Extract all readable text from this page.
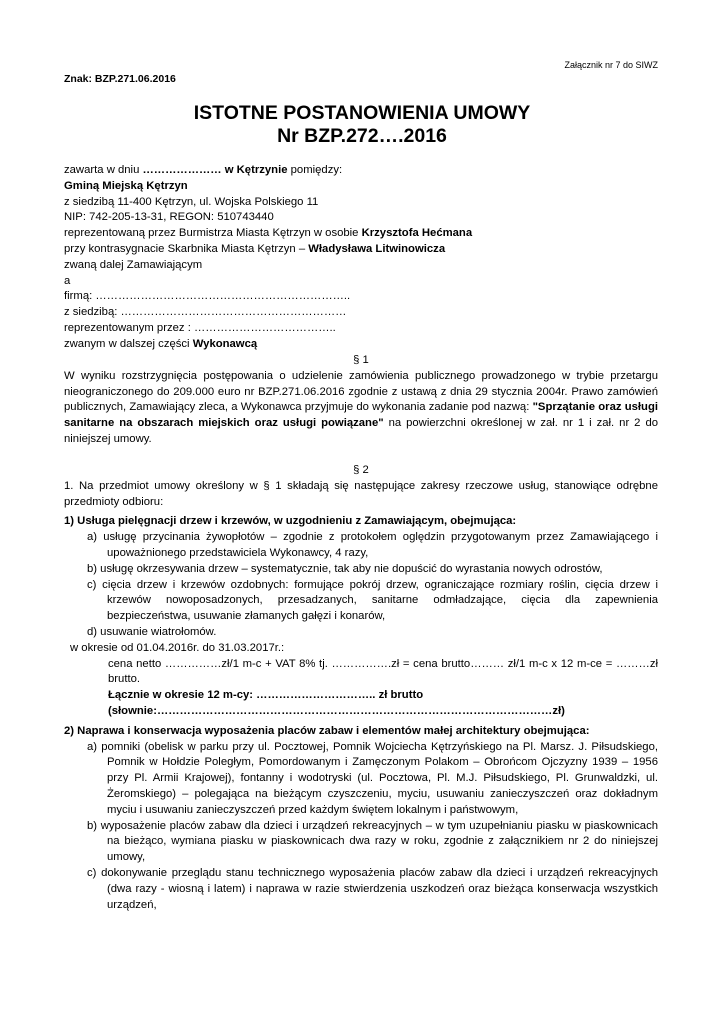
Załącznik nr 7 do SIWZ
Znak: BZP.271.06.2016
ISTOTNE POSTANOWIENIA UMOWY
Nr BZP.272….2016
zawarta w dniu ………………… w Kętrzynie pomiędzy:
Gminą Miejską Kętrzyn
z siedzibą 11-400 Kętrzyn, ul. Wojska Polskiego 11
NIP: 742-205-13-31, REGON: 510743440
reprezentowaną przez Burmistrza Miasta Kętrzyn w osobie Krzysztofa Hećmana
przy kontrasygnacie Skarbnika Miasta Kętrzyn – Władysława Litwinowicza
zwaną dalej Zamawiającym
a
firmą: …………………………………………………………..
z siedzibą: ……………………………………………………
reprezentowanym przez : ………………………………..
zwanym w dalszej części Wykonawcą

§ 1

W wyniku rozstrzygnięcia postępowania o udzielenie zamówienia publicznego prowadzonego w trybie przetargu nieograniczonego do 209.000 euro nr BZP.271.06.2016 zgodnie z ustawą z dnia 29 stycznia 2004r. Prawo zamówień publicznych, Zamawiający zleca, a Wykonawca przyjmuje do wykonania zadanie pod nazwą: "Sprzątanie oraz usługi sanitarne na obszarach miejskich oraz usługi powiązane" na powierzchni określonej w zał. nr 1 i zał. nr 2 do niniejszej umowy.

§ 2

1. Na przedmiot umowy określony w § 1 składają się następujące zakresy rzeczowe usług, stanowiące odrębne przedmioty odbioru:

1) Usługa pielęgnacji drzew i krzewów, w uzgodnieniu z Zamawiającym, obejmująca:

a) usługę przycinania żywopłotów – zgodnie z protokołem oględzin przygotowanym przez Zamawiającego i upoważnionego przedstawiciela Wykonawcy, 4 razy,

b) usługę okrzesywania drzew – systematycznie, tak aby nie dopuścić do wyrastania nowych odrostów,

c) cięcia drzew i krzewów ozdobnych: formujące pokrój drzew, ograniczające rozmiary roślin, cięcia drzew i krzewów nowoposadzonych, przesadzanych, sanitarne odmładzające, cięcia dla zapewnienia bezpieczeństwa, usuwanie złamanych gałęzi i konarów,

d) usuwanie wiatrołomów.

w okresie od 01.04.2016r. do 31.03.2017r.:

cena netto ……………zł/1 m-c + VAT 8% tj. …………….zł = cena brutto……… zł/1 m-c x 12 m-ce = ………zł brutto.

Łącznie w okresie 12 m-cy: ………………………….. zł brutto

(słownie:……………………………………………………………………………………………zł)

2) Naprawa i konserwacja wyposażenia placów zabaw i elementów małej architektury obejmująca:

a) pomniki (obelisk w parku przy ul. Pocztowej, Pomnik Wojciecha Kętrzyńskiego na Pl. Marsz. J. Piłsudskiego, Pomnik w Hołdzie Poległym, Pomordowanym i Zamęczonym Polakom – Obrońcom Ojczyzny 1939 – 1956 przy Pl. Armii Krajowej), fontanny i wodotryski (ul. Pocztowa, Pl. M.J. Piłsudskiego, Pl. Grunwaldzki, ul. Żeromskiego) – polegająca na bieżącym czyszczeniu, myciu, usuwaniu zanieczyszczeń oraz dokładnym myciu i usuwaniu zanieczyszczeń przed każdym świętem lokalnym i państwowym,

b) wyposażenie placów zabaw dla dzieci i urządzeń rekreacyjnych – w tym uzupełnianiu piasku w piaskownicach na bieżąco, wymiana piasku w piaskownicach dwa razy w roku, zgodnie z załącznikiem nr 2 do niniejszej umowy,

c) dokonywanie przeglądu stanu technicznego wyposażenia placów zabaw dla dzieci i urządzeń rekreacyjnych (dwa razy - wiosną i latem) i naprawa w razie stwierdzenia uszkodzeń oraz bieżąca konserwacja wszystkich urządzeń,
